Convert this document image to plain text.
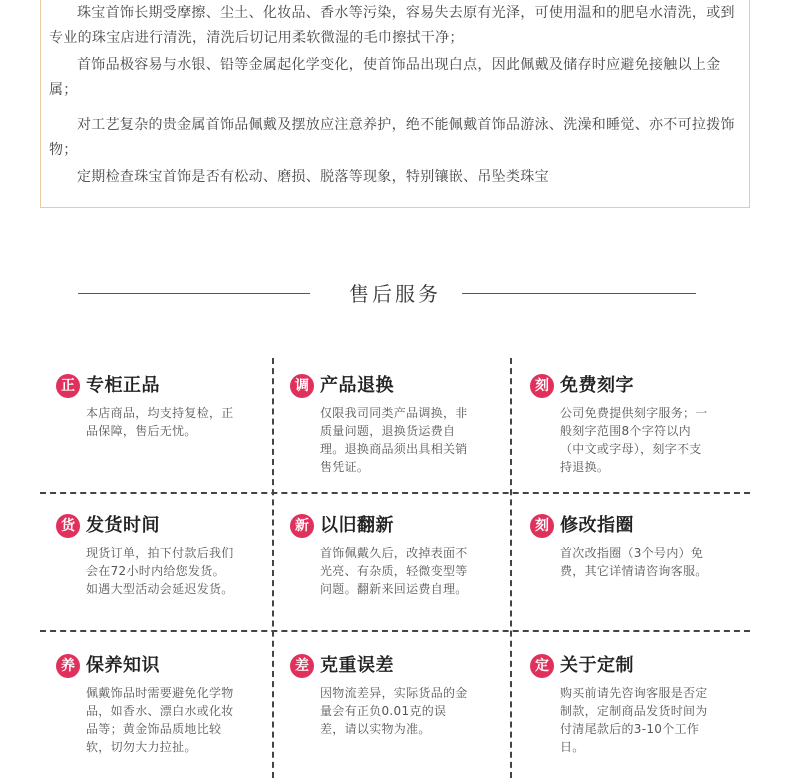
珠宝首饰长期受摩擦、尘土、化妆品、香水等污染，容易失去原有光泽，可使用温和的肥皂水清洗，或到专业的珠宝店进行清洗，清洗后切记用柔软微湿的毛巾擦拭干净；

首饰品极容易与水银、铅等金属起化学变化，使首饰品出现白点，因此佩戴及储存时应避免接触以上金属；

对工艺复杂的贵金属首饰品佩戴及摆放应注意养护，绝不能佩戴首饰品游泳、洗澡和睡觉、亦不可拉拨饰物；

定期检查珠宝首饰是否有松动、磨损、脱落等现象，特别镶嵌、吊坠类珠宝

售后服务
正 专柜正品

本店商品，均支持复检，正品保障，售后无忧。

调 产品退换

仅限我司同类产品调换，非质量问题，退换货运费自理。退换商品须出具相关销售凭证。

刻 免费刻字

公司免费提供刻字服务；一般刻字范围8个字符以内（中文或字母），刻字不支持退换。

货 发货时间

现货订单，拍下付款后我们会在72小时内给您发货。如遇大型活动会延迟发货。

新 以旧翻新

首饰佩戴久后，改掉表面不光亮、有杂质，轻微变型等问题。翻新来回运费自理。

刻 修改指圈

首次改指圈（3个号内）免费，其它详情请咨询客服。

养 保养知识

佩戴饰品时需要避免化学物品，如香水、漂白水或化妆品等；黄金饰品质地比较软，切勿大力拉扯。

差 克重误差

因物流差异，实际货品的金量会有正负0.01克的误差，请以实物为准。

定 关于定制

购买前请先咨询客服是否定制款，定制商品发货时间为付清尾款后的3-10个工作日。
